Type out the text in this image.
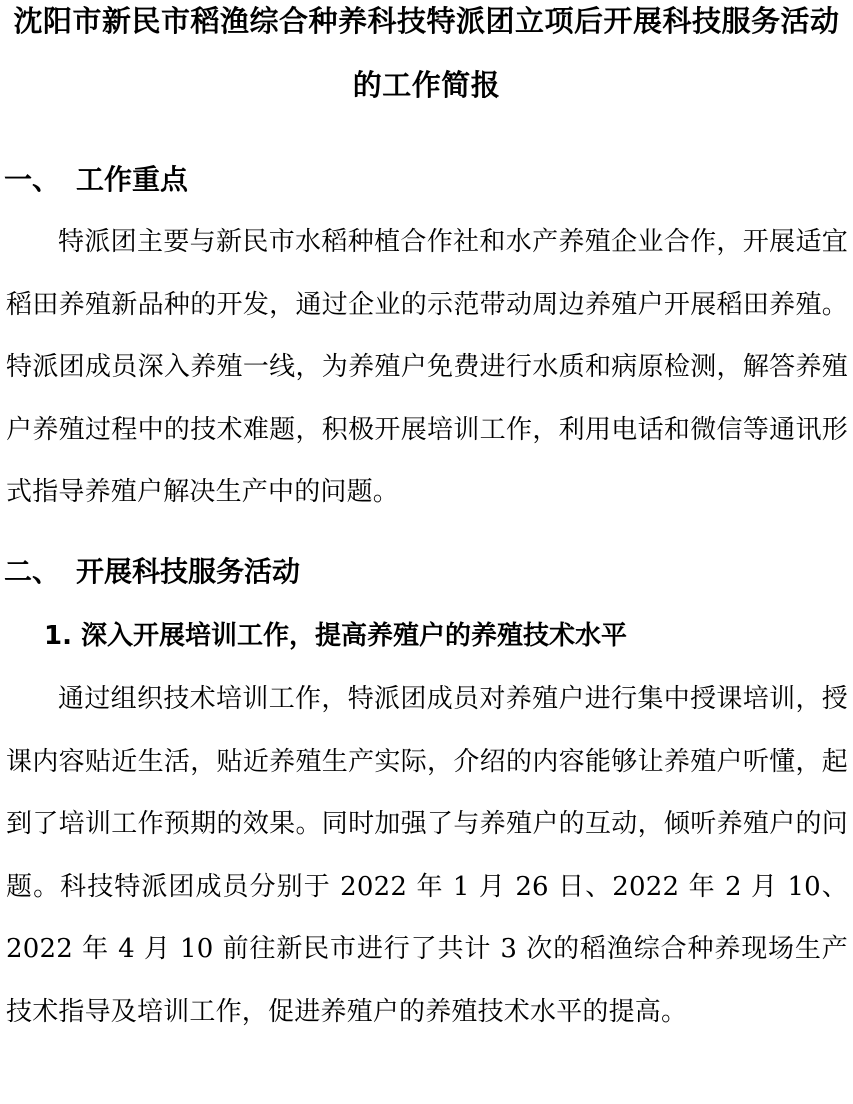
沈阳市新民市稻渔综合种养科技特派团立项后开展科技服务活动的工作简报
一、 工作重点

特派团主要与新民市水稻种植合作社和水产养殖企业合作，开展适宜稻田养殖新品种的开发，通过企业的示范带动周边养殖户开展稻田养殖。特派团成员深入养殖一线，为养殖户免费进行水质和病原检测，解答养殖户养殖过程中的技术难题，积极开展培训工作，利用电话和微信等通讯形式指导养殖户解决生产中的问题。

二、 开展科技服务活动
1. 深入开展培训工作，提高养殖户的养殖技术水平

通过组织技术培训工作，特派团成员对养殖户进行集中授课培训，授课内容贴近生活，贴近养殖生产实际，介绍的内容能够让养殖户听懂，起到了培训工作预期的效果。同时加强了与养殖户的互动，倾听养殖户的问题。科技特派团成员分别于 2022 年 1 月 26 日、2022 年 2 月 10、2022 年 4 月 10 前往新民市进行了共计 3 次的稻渔综合种养现场生产技术指导及培训工作，促进养殖户的养殖技术水平的提高。
